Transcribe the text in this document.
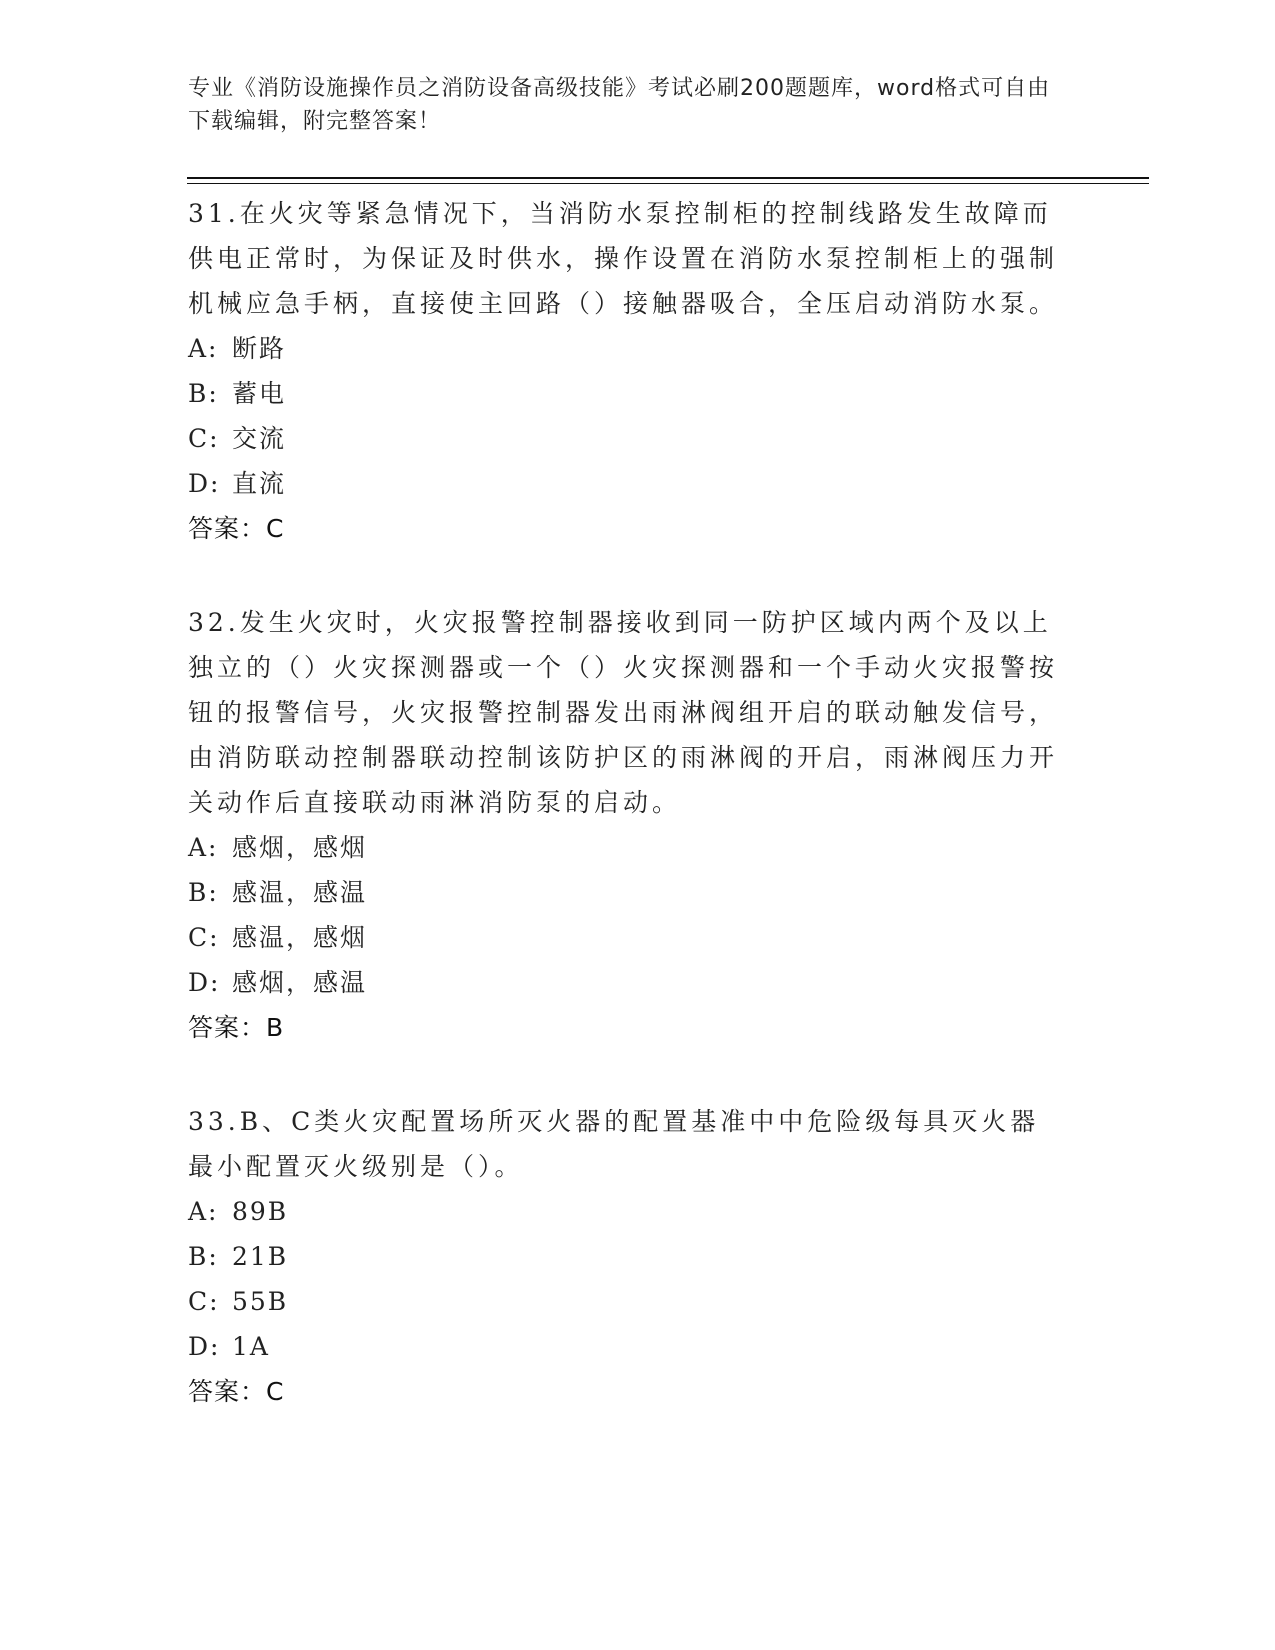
专业《消防设施操作员之消防设备高级技能》考试必刷200题题库，word格式可自由下载编辑，附完整答案！

31.在火灾等紧急情况下，当消防水泵控制柜的控制线路发生故障而供电正常时，为保证及时供水，操作设置在消防水泵控制柜上的强制机械应急手柄，直接使主回路（）接触器吸合，全压启动消防水泵。

A: 断路
B: 蓄电
C: 交流
D: 直流
答案：C

32.发生火灾时，火灾报警控制器接收到同一防护区域内两个及以上独立的（）火灾探测器或一个（）火灾探测器和一个手动火灾报警按钮的报警信号，火灾报警控制器发出雨淋阀组开启的联动触发信号，由消防联动控制器联动控制该防护区的雨淋阀的开启，雨淋阀压力开关动作后直接联动雨淋消防泵的启动。

A: 感烟，感烟
B: 感温，感温
C: 感温，感烟
D: 感烟，感温
答案：B

33.B、C类火灾配置场所灭火器的配置基准中中危险级每具灭火器最小配置灭火级别是（）。

A: 89B
B: 21B
C: 55B
D: 1A
答案：C
